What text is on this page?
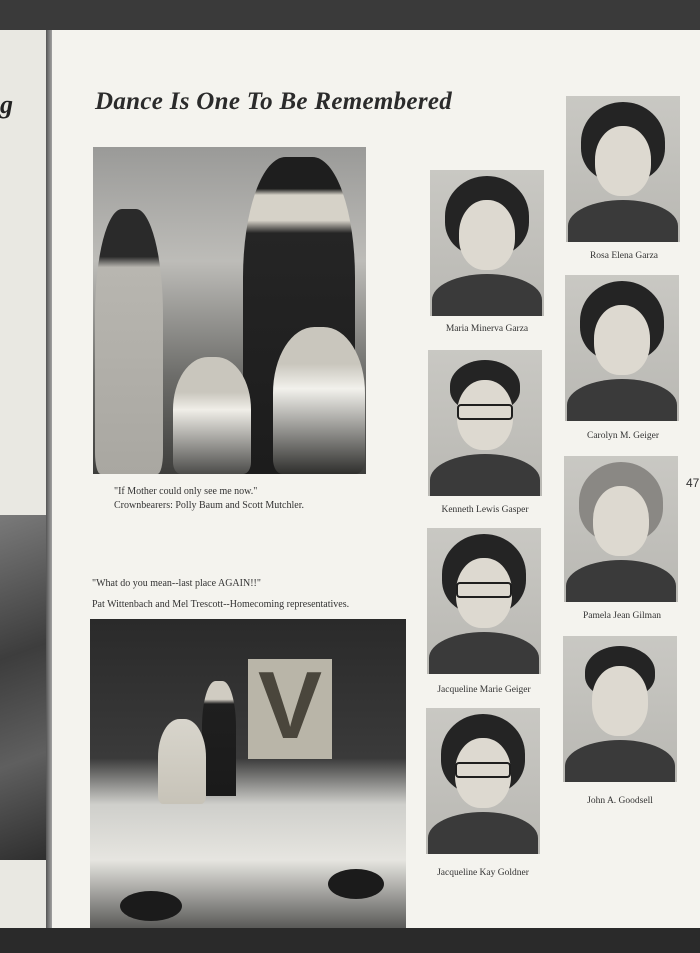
g	Dance Is One To Be Remembered
"If Mother could only see me now."
Crownbearers: Polly Baum and Scott Mutchler.
"What do you mean--last place AGAIN!!"
Pat Wittenbach and Mel Trescott--Homecoming representatives.
V
Maria Minerva Garza
Kenneth Lewis Gasper
Jacqueline Marie Geiger
Jacqueline Kay Goldner
Rosa Elena Garza
Carolyn M. Geiger
Pamela Jean Gilman
John A. Goodsell
47
